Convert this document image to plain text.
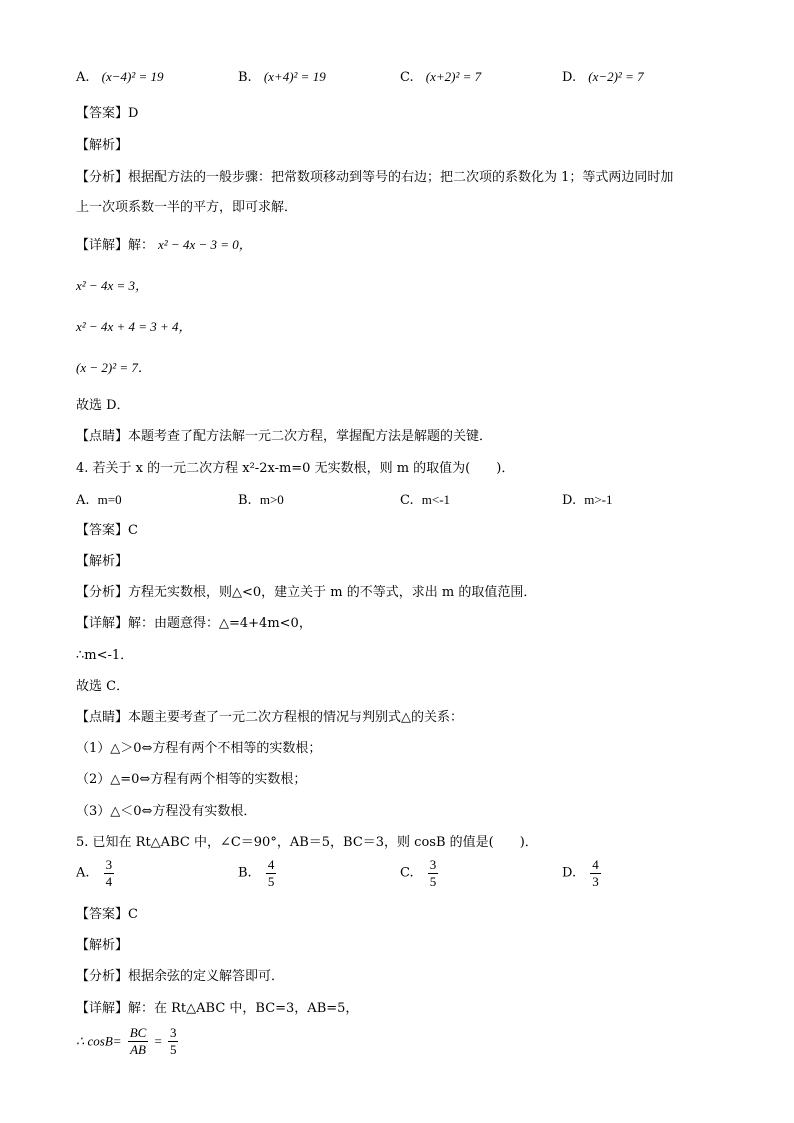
A. (x−4)² = 19	B. (x+4)² = 19	C. (x+2)² = 7	D. (x−2)² = 7
【答案】D
【解析】
【分析】根据配方法的一般步骤：把常数项移动到等号的右边；把二次项的系数化为 1；等式两边同时加
上一次项系数一半的平方，即可求解．
【详解】解： x² − 4x − 3 = 0，
x² − 4x = 3，
x² − 4x + 4 = 3 + 4，
(x − 2)² = 7．
故选 D．
【点睛】本题考查了配方法解一元二次方程，掌握配方法是解题的关键．
4. 若关于 x 的一元二次方程 x²-2x-m=0 无实数根，则 m 的取值为(　　)．
A. m=0	B. m>0	C. m<-1	D. m>-1
【答案】C
【解析】
【分析】方程无实数根，则△<0，建立关于 m 的不等式，求出 m 的取值范围．
【详解】解：由题意得：△=4+4m<0，
∴m<-1．
故选 C．
【点睛】本题主要考查了一元二次方程根的情况与判别式△的关系：
（1）△＞0⇔方程有两个不相等的实数根；
（2）△=0⇔方程有两个相等的实数根；
（3）△＜0⇔方程没有实数根．
5. 已知在 Rt△ABC 中，∠C＝90°，AB＝5，BC＝3，则 cosB 的值是(　　)．
A. $\frac{3}{4}$	B. $\frac{4}{5}$	C. $\frac{3}{5}$	D. $\frac{4}{3}$
【答案】C
【解析】
【分析】根据余弦的定义解答即可．
【详解】解：在 Rt△ABC 中，BC=3，AB=5，
∴ $\cos B= \frac{BC}{AB} = \frac{3}{5}$
